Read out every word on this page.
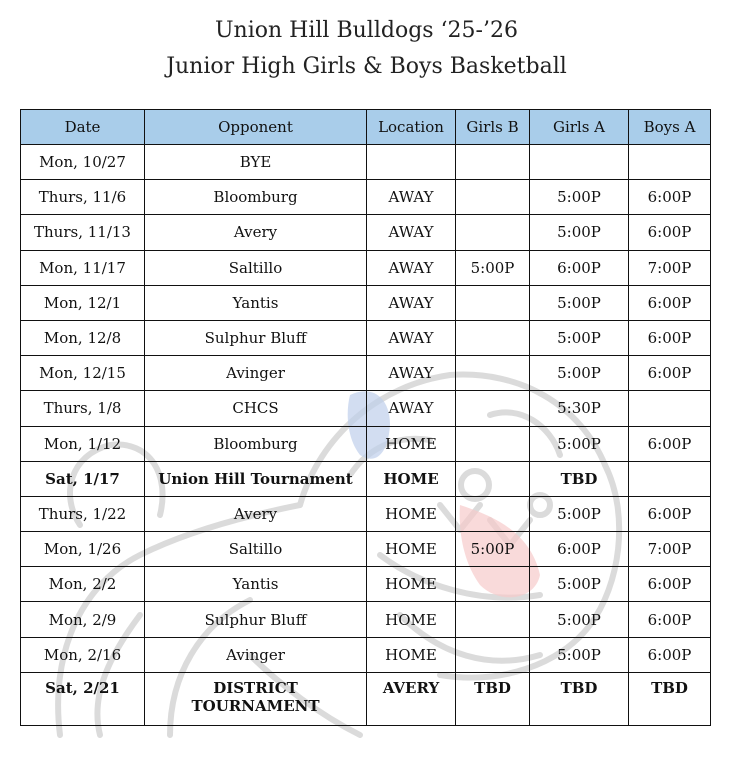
Union Hill Bulldogs ‘25-’26
Junior High Girls & Boys Basketball
Date	Opponent	Location	Girls B	Girls A	Boys A
Mon, 10/27	BYE				
Thurs, 11/6	Bloomburg	AWAY		5:00P	6:00P
Thurs, 11/13	Avery	AWAY		5:00P	6:00P
Mon, 11/17	Saltillo	AWAY	5:00P	6:00P	7:00P
Mon, 12/1	Yantis	AWAY		5:00P	6:00P
Mon, 12/8	Sulphur Bluff	AWAY		5:00P	6:00P
Mon, 12/15	Avinger	AWAY		5:00P	6:00P
Thurs, 1/8	CHCS	AWAY		5:30P	
Mon, 1/12	Bloomburg	HOME		5:00P	6:00P
Sat, 1/17	Union Hill Tournament	HOME		TBD	
Thurs, 1/22	Avery	HOME		5:00P	6:00P
Mon, 1/26	Saltillo	HOME	5:00P	6:00P	7:00P
Mon, 2/2	Yantis	HOME		5:00P	6:00P
Mon, 2/9	Sulphur Bluff	HOME		5:00P	6:00P
Mon, 2/16	Avinger	HOME		5:00P	6:00P
Sat, 2/21	DISTRICT TOURNAMENT	AVERY	TBD	TBD	TBD
